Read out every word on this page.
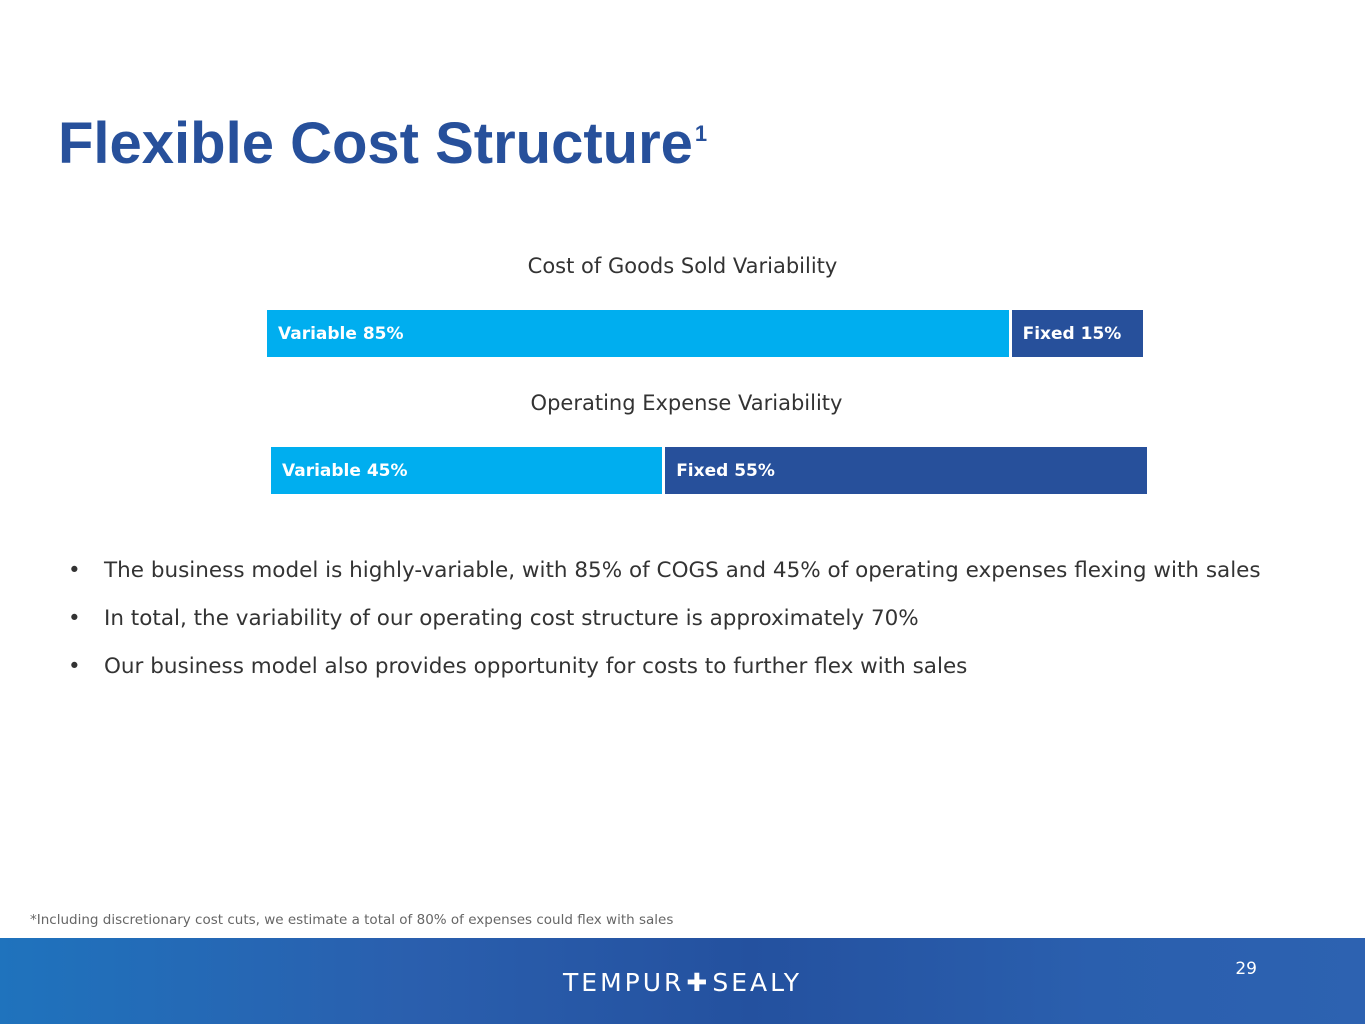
Flexible Cost Structure$^1$
Cost of Goods Sold Variability
Variable 85%	Fixed 15%
Operating Expense Variability
Variable 45%	Fixed 55%
•	The business model is highly-variable, with 85% of COGS and 45% of operating expenses flexing with sales
•	In total, the variability of our operating cost structure is approximately 70%
•	Our business model also provides opportunity for costs to further flex with sales
*Including discretionary cost cuts, we estimate a total of 80% of expenses could flex with sales
TEMPUR✚SEALY	29
